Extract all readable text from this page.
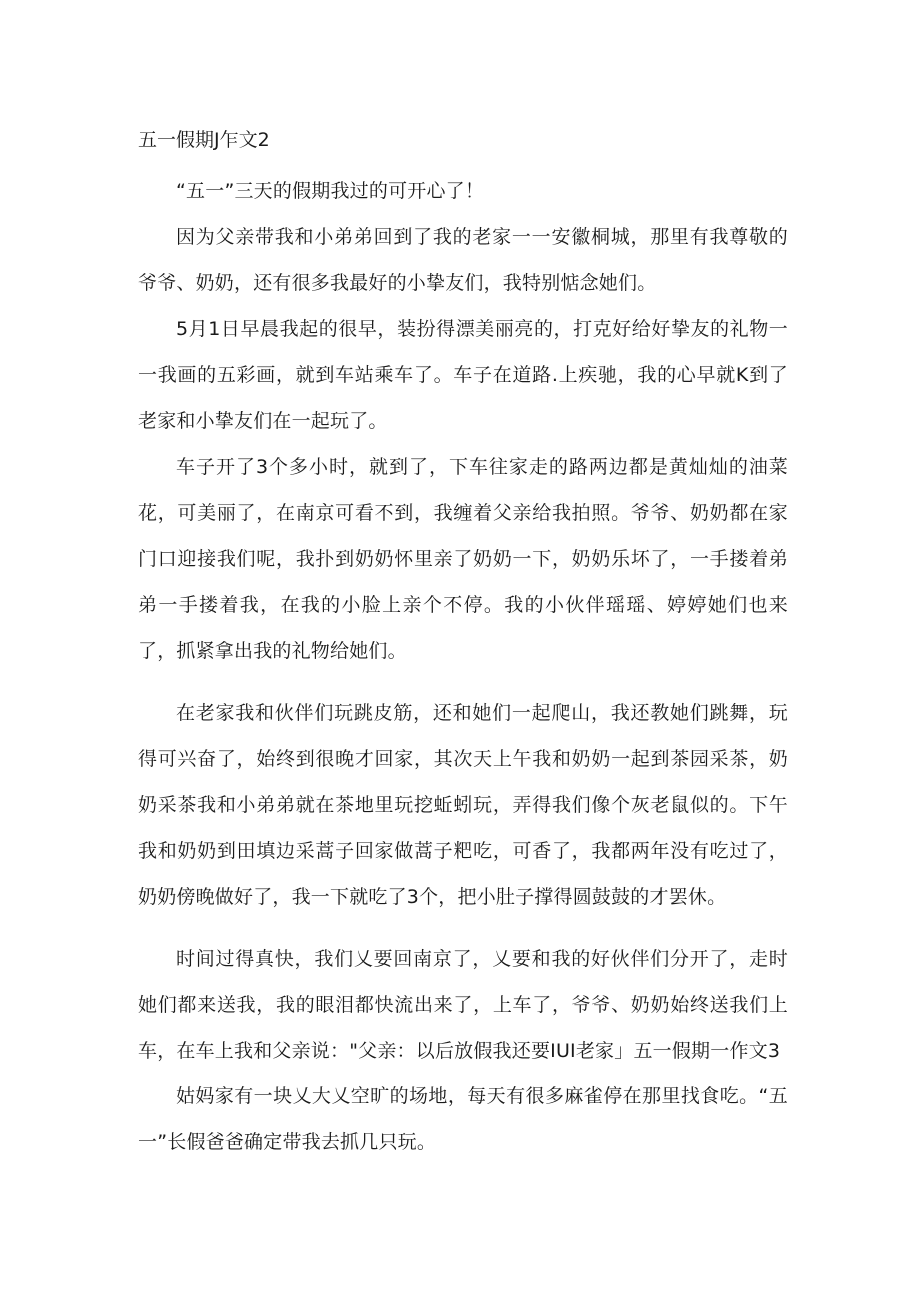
五一假期J乍文2

“五一”三天的假期我过的可开心了！

因为父亲带我和小弟弟回到了我的老家一一安徽桐城，那里有我尊敬的爷爷、奶奶，还有很多我最好的小挚友们，我特别惦念她们。

5月1日早晨我起的很早，装扮得漂美丽亮的，打克好给好挚友的礼物一一我画的五彩画，就到车站乘车了。车子在道路.上疾驰，我的心早就K到了老家和小挚友们在一起玩了。

车子开了3个多小时，就到了，下车往家走的路两边都是黄灿灿的油菜花，可美丽了，在南京可看不到，我缠着父亲给我拍照。爷爷、奶奶都在家门口迎接我们呢，我扑到奶奶怀里亲了奶奶一下，奶奶乐坏了，一手搂着弟弟一手搂着我，在我的小脸上亲个不停。我的小伙伴瑶瑶、婷婷她们也来了，抓紧拿出我的礼物给她们。

在老家我和伙伴们玩跳皮筋，还和她们一起爬山，我还教她们跳舞，玩得可兴奋了，始终到很晚才回家，其次天上午我和奶奶一起到茶园采茶，奶奶采茶我和小弟弟就在茶地里玩挖蚯蚓玩，弄得我们像个灰老鼠似的。下午我和奶奶到田填边采蒿子回家做蒿子粑吃，可香了，我都两年没有吃过了，奶奶傍晚做好了，我一下就吃了3个，把小肚子撑得圆鼓鼓的才罢休。

时间过得真快，我们乂要回南京了，乂要和我的好伙伴们分开了，走时她们都来送我，我的眼泪都快流出来了，上车了，爷爷、奶奶始终送我们上车，在车上我和父亲说："父亲：以后放假我还要IUI老家」五一假期一作文3

姑妈家有一块乂大乂空旷的场地，每天有很多麻雀停在那里找食吃。“五一”长假爸爸确定带我去抓几只玩。
